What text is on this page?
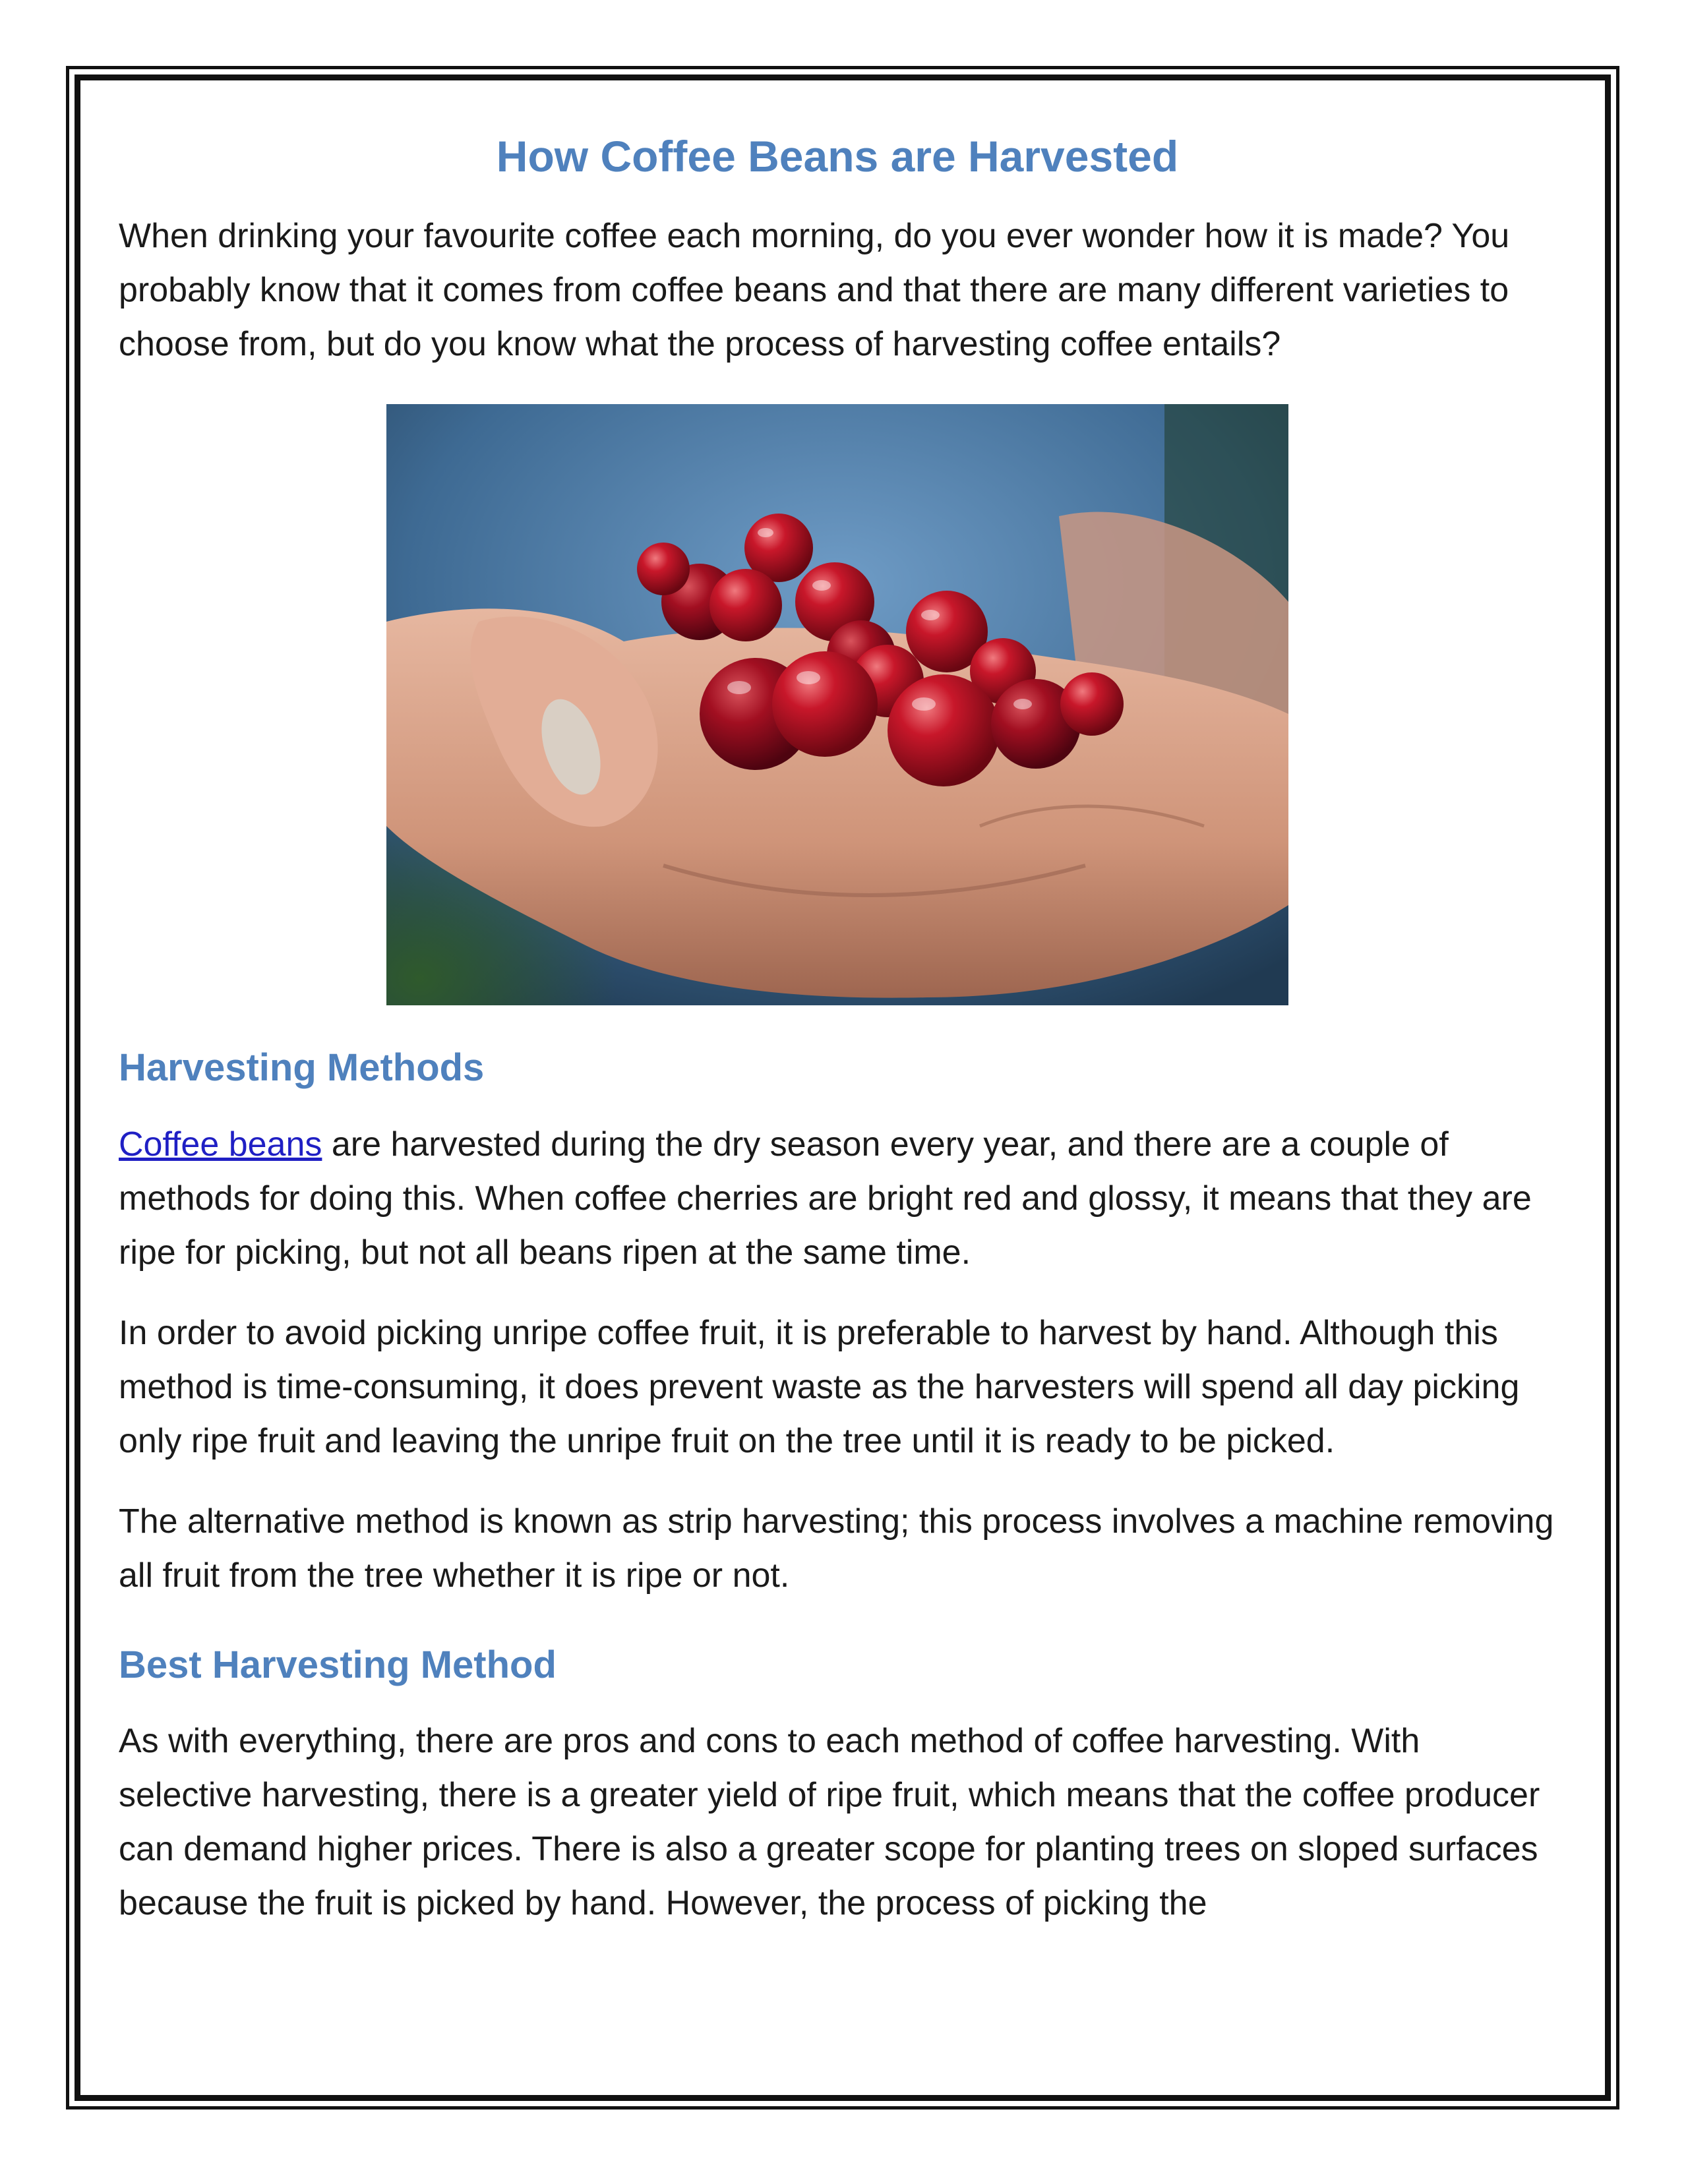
How Coffee Beans are Harvested

When drinking your favourite coffee each morning, do you ever wonder how it is made? You probably know that it comes from coffee beans and that there are many different varieties to choose from, but do you know what the process of harvesting coffee entails?

Harvesting Methods

Coffee beans are harvested during the dry season every year, and there are a couple of methods for doing this. When coffee cherries are bright red and glossy, it means that they are ripe for picking, but not all beans ripen at the same time.

In order to avoid picking unripe coffee fruit, it is preferable to harvest by hand. Although this method is time-consuming, it does prevent waste as the harvesters will spend all day picking only ripe fruit and leaving the unripe fruit on the tree until it is ready to be picked.

The alternative method is known as strip harvesting; this process involves a machine removing all fruit from the tree whether it is ripe or not.

Best Harvesting Method

As with everything, there are pros and cons to each method of coffee harvesting. With selective harvesting, there is a greater yield of ripe fruit, which means that the coffee producer can demand higher prices. There is also a greater scope for planting trees on sloped surfaces because the fruit is picked by hand. However, the process of picking the
